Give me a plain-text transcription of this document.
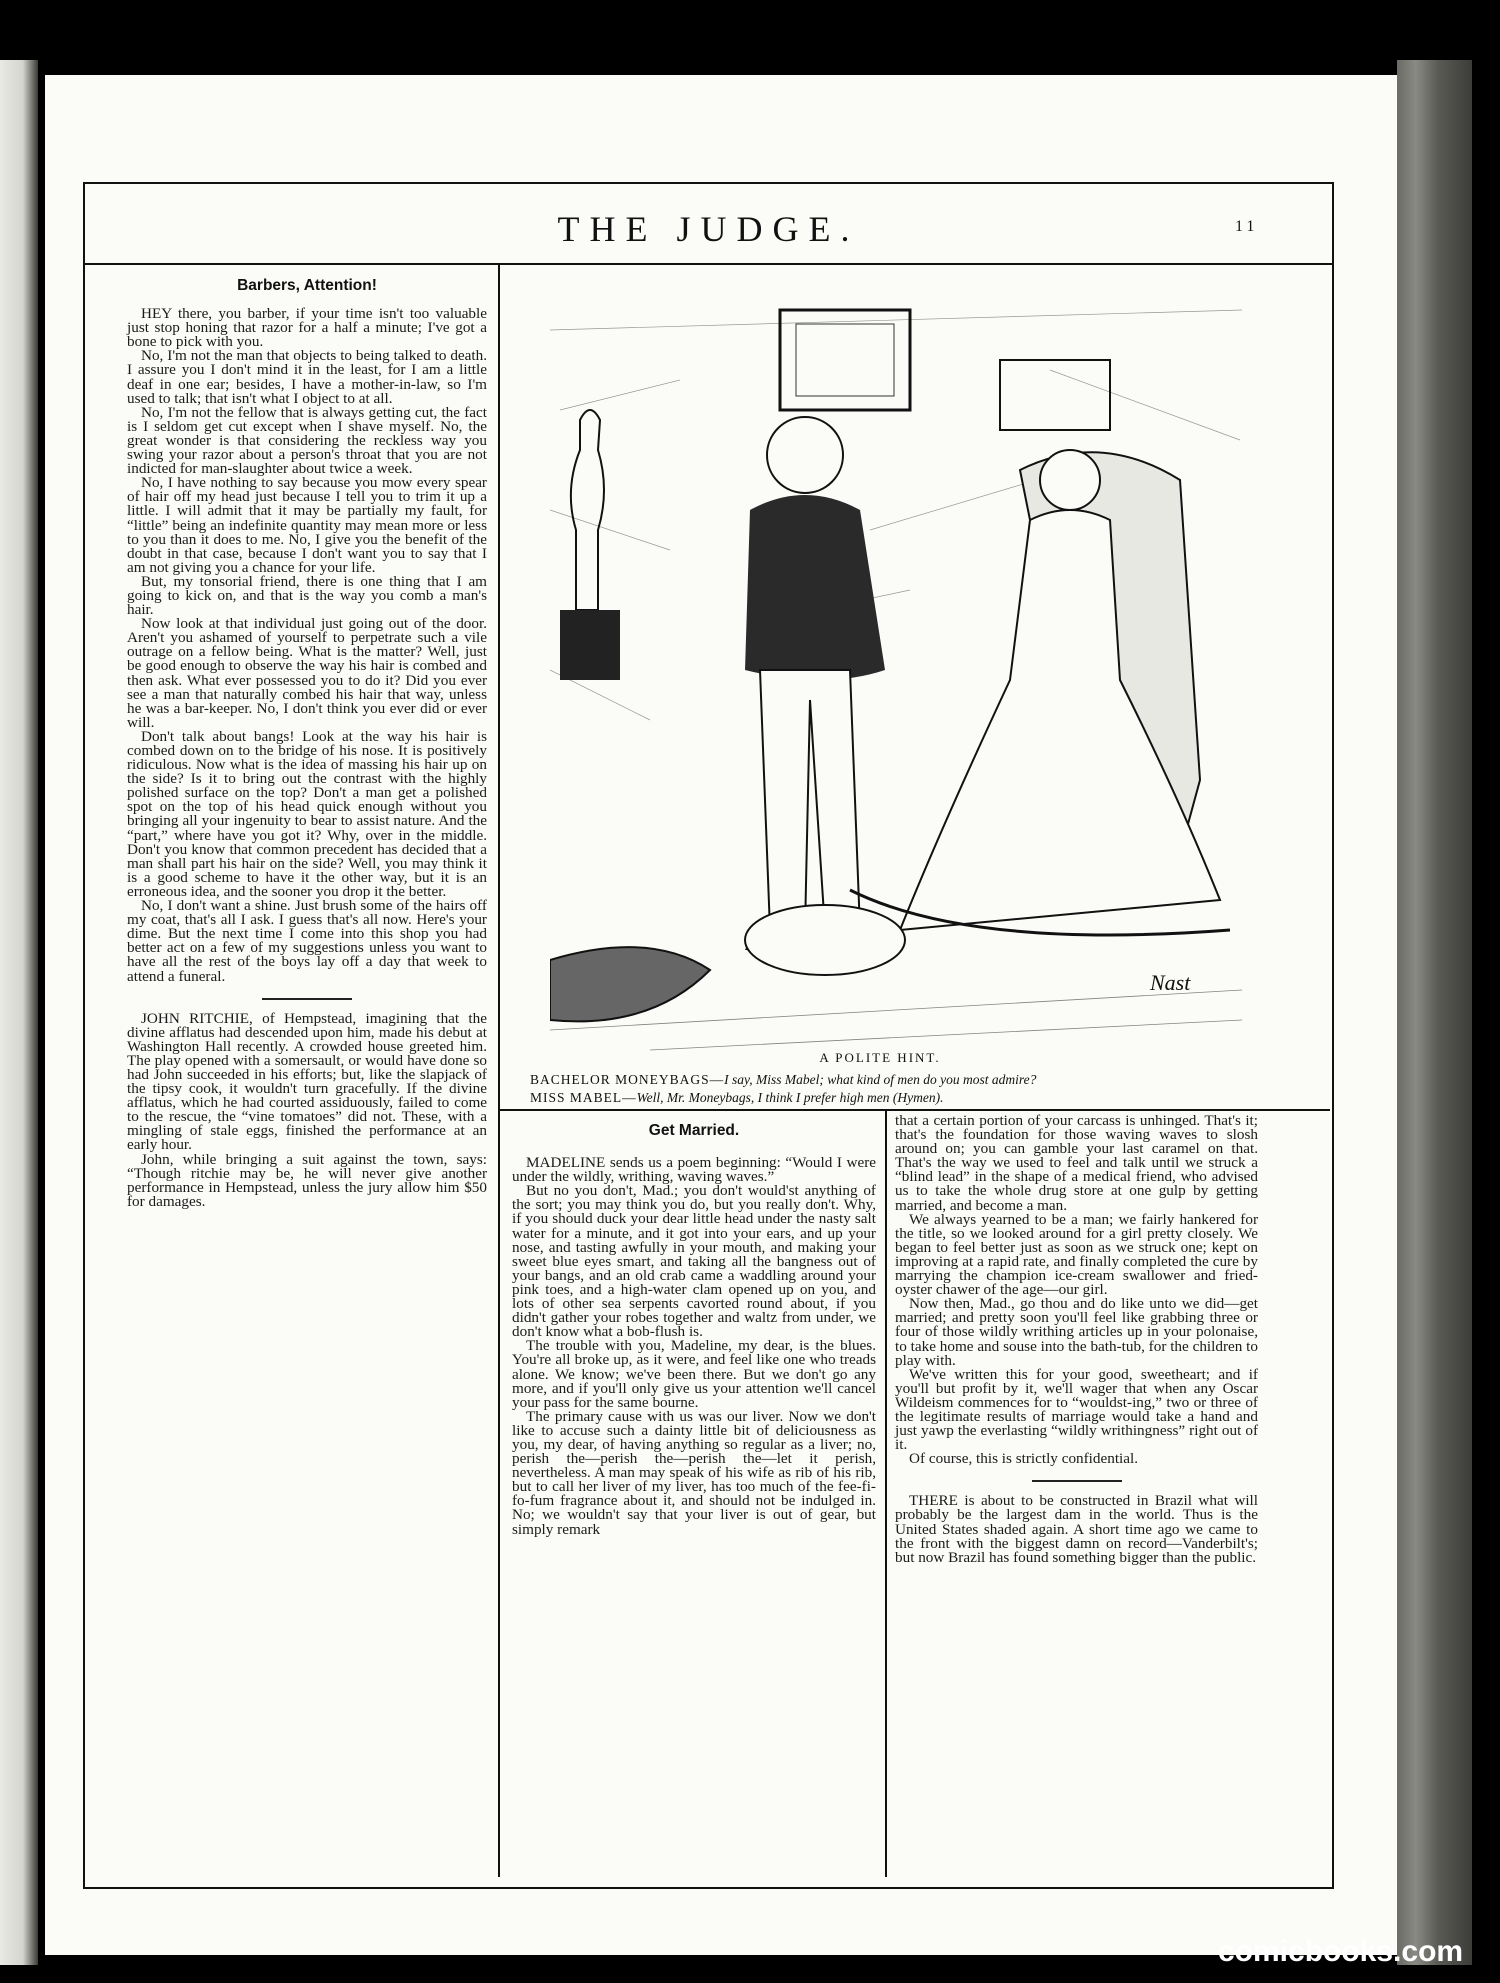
THE JUDGE.	11
Barbers, Attention!

HEY there, you barber, if your time isn't too valuable just stop honing that razor for a half a minute; I've got a bone to pick with you.

No, I'm not the man that objects to being talked to death. I assure you I don't mind it in the least, for I am a little deaf in one ear; besides, I have a mother-in-law, so I'm used to talk; that isn't what I object to at all.

No, I'm not the fellow that is always getting cut, the fact is I seldom get cut except when I shave myself. No, the great wonder is that considering the reckless way you swing your razor about a person's throat that you are not indicted for man-slaughter about twice a week.

No, I have nothing to say because you mow every spear of hair off my head just because I tell you to trim it up a little. I will admit that it may be partially my fault, for “little” being an indefinite quantity may mean more or less to you than it does to me. No, I give you the benefit of the doubt in that case, because I don't want you to say that I am not giving you a chance for your life.

But, my tonsorial friend, there is one thing that I am going to kick on, and that is the way you comb a man's hair.

Now look at that individual just going out of the door. Aren't you ashamed of yourself to perpetrate such a vile outrage on a fellow being. What is the matter? Well, just be good enough to observe the way his hair is combed and then ask. What ever possessed you to do it? Did you ever see a man that naturally combed his hair that way, unless he was a bar-keeper. No, I don't think you ever did or ever will.

Don't talk about bangs! Look at the way his hair is combed down on to the bridge of his nose. It is positively ridiculous. Now what is the idea of massing his hair up on the side? Is it to bring out the contrast with the highly polished surface on the top? Don't a man get a polished spot on the top of his head quick enough without you bringing all your ingenuity to bear to assist nature. And the “part,” where have you got it? Why, over in the middle. Don't you know that common precedent has decided that a man shall part his hair on the side? Well, you may think it is a good scheme to have it the other way, but it is an erroneous idea, and the sooner you drop it the better.

No, I don't want a shine. Just brush some of the hairs off my coat, that's all I ask. I guess that's all now. Here's your dime. But the next time I come into this shop you had better act on a few of my suggestions unless you want to have all the rest of the boys lay off a day that week to attend a funeral.

JOHN RITCHIE, of Hempstead, imagining that the divine afflatus had descended upon him, made his debut at Washington Hall recently. A crowded house greeted him. The play opened with a somersault, or would have done so had John succeeded in his efforts; but, like the slapjack of the tipsy cook, it wouldn't turn gracefully. If the divine afflatus, which he had courted assiduously, failed to come to the rescue, the “vine tomatoes” did not. These, with a mingling of stale eggs, finished the performance at an early hour.

John, while bringing a suit against the town, says: “Though ritchie may be, he will never give another performance in Hempstead, unless the jury allow him $50 for damages.

Nast
A POLITE HINT.
BACHELOR MONEYBAGS—I say, Miss Mabel; what kind of men do you most admire?
MISS MABEL—Well, Mr. Moneybags, I think I prefer high men (Hymen).
Get Married.

MADELINE sends us a poem beginning: “Would I were under the wildly, writhing, waving waves.”

But no you don't, Mad.; you don't would'st anything of the sort; you may think you do, but you really don't. Why, if you should duck your dear little head under the nasty salt water for a minute, and it got into your ears, and up your nose, and tasting awfully in your mouth, and making your sweet blue eyes smart, and taking all the bangness out of your bangs, and an old crab came a waddling around your pink toes, and a high-water clam opened up on you, and lots of other sea serpents cavorted round about, if you didn't gather your robes together and waltz from under, we don't know what a bob-flush is.

The trouble with you, Madeline, my dear, is the blues. You're all broke up, as it were, and feel like one who treads alone. We know; we've been there. But we don't go any more, and if you'll only give us your attention we'll cancel your pass for the same bourne.

The primary cause with us was our liver. Now we don't like to accuse such a dainty little bit of deliciousness as you, my dear, of having anything so regular as a liver; no, perish the—perish the—perish the—let it perish, nevertheless. A man may speak of his wife as rib of his rib, but to call her liver of my liver, has too much of the fee-fi-fo-fum fragrance about it, and should not be indulged in. No; we wouldn't say that your liver is out of gear, but simply remark

that a certain portion of your carcass is unhinged. That's it; that's the foundation for those waving waves to slosh around on; you can gamble your last caramel on that. That's the way we used to feel and talk until we struck a “blind lead” in the shape of a medical friend, who advised us to take the whole drug store at one gulp by getting married, and become a man.

We always yearned to be a man; we fairly hankered for the title, so we looked around for a girl pretty closely. We began to feel better just as soon as we struck one; kept on improving at a rapid rate, and finally completed the cure by marrying the champion ice-cream swallower and fried-oyster chawer of the age—our girl.

Now then, Mad., go thou and do like unto we did—get married; and pretty soon you'll feel like grabbing three or four of those wildly writhing articles up in your polonaise, to take home and souse into the bath-tub, for the children to play with.

We've written this for your good, sweetheart; and if you'll but profit by it, we'll wager that when any Oscar Wildeism commences for to “wouldst-ing,” two or three of the legitimate results of marriage would take a hand and just yawp the everlasting “wildly writhingness” right out of it.

Of course, this is strictly confidential.

THERE is about to be constructed in Brazil what will probably be the largest dam in the world. Thus is the United States shaded again. A short time ago we came to the front with the biggest damn on record—Vanderbilt's; but now Brazil has found something bigger than the public.

comicbooks.com
